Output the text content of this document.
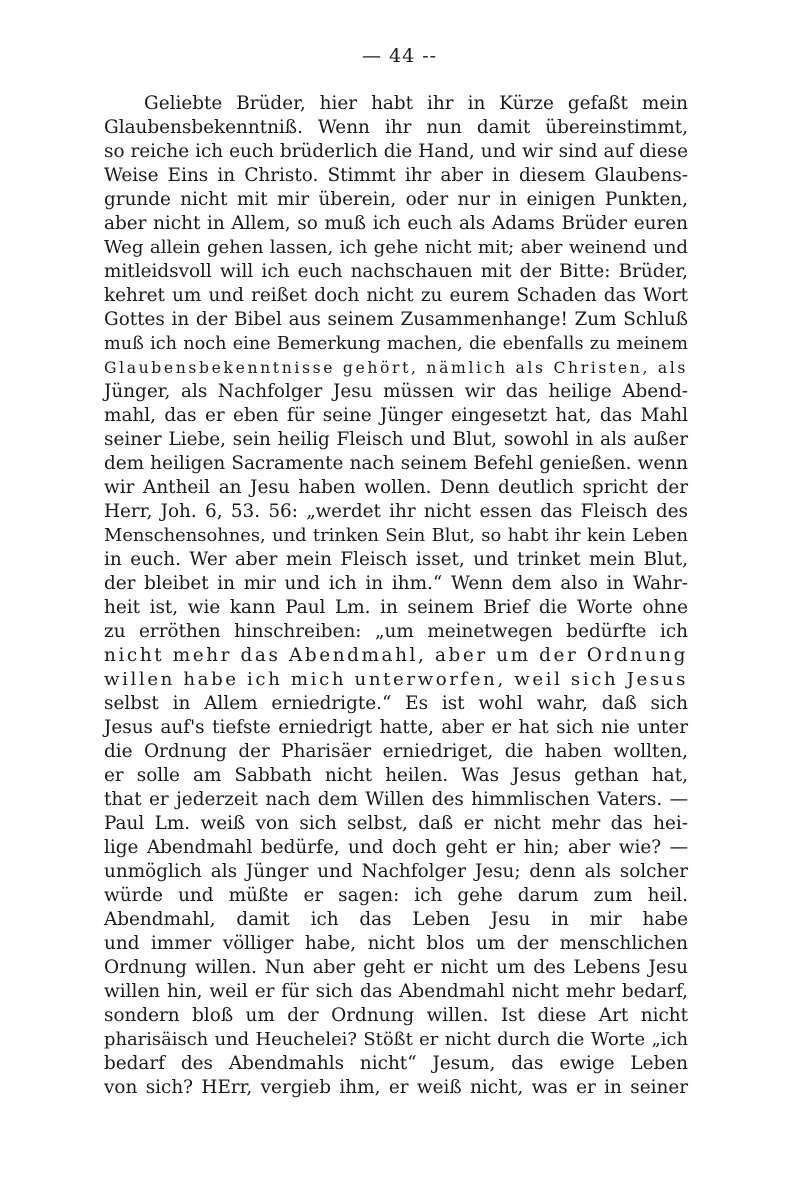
— 44 --
Geliebte Brüder, hier habt ihr in Kürze gefaßt mein
Glaubensbekenntniß. Wenn ihr nun damit übereinstimmt,
so reiche ich euch brüderlich die Hand, und wir sind auf diese
Weise Eins in Christo. Stimmt ihr aber in diesem Glaubens-
grunde nicht mit mir überein, oder nur in einigen Punkten,
aber nicht in Allem, so muß ich euch als Adams Brüder euren
Weg allein gehen lassen, ich gehe nicht mit; aber weinend und
mitleidsvoll will ich euch nachschauen mit der Bitte: Brüder,
kehret um und reißet doch nicht zu eurem Schaden das Wort
Gottes in der Bibel aus seinem Zusammenhange! Zum Schluß
muß ich noch eine Bemerkung machen, die ebenfalls zu meinem
Glaubensbekenntnisse gehört, nämlich als Christen, als
Jünger, als Nachfolger Jesu müssen wir das heilige Abend-
mahl, das er eben für seine Jünger eingesetzt hat, das Mahl
seiner Liebe, sein heilig Fleisch und Blut, sowohl in als außer
dem heiligen Sacramente nach seinem Befehl genießen. wenn
wir Antheil an Jesu haben wollen. Denn deutlich spricht der
Herr, Joh. 6, 53. 56: „werdet ihr nicht essen das Fleisch des
Menschensohnes, und trinken Sein Blut, so habt ihr kein Leben
in euch. Wer aber mein Fleisch isset, und trinket mein Blut,
der bleibet in mir und ich in ihm.“ Wenn dem also in Wahr-
heit ist, wie kann Paul Lm. in seinem Brief die Worte ohne
zu erröthen hinschreiben: „um meinetwegen bedürfte ich
nicht mehr das Abendmahl, aber um der Ordnung
willen habe ich mich unterworfen, weil sich Jesus
selbst in Allem erniedrigte.“ Es ist wohl wahr, daß sich
Jesus auf's tiefste erniedrigt hatte, aber er hat sich nie unter
die Ordnung der Pharisäer erniedriget, die haben wollten,
er solle am Sabbath nicht heilen. Was Jesus gethan hat,
that er jederzeit nach dem Willen des himmlischen Vaters. —
Paul Lm. weiß von sich selbst, daß er nicht mehr das hei-
lige Abendmahl bedürfe, und doch geht er hin; aber wie? —
unmöglich als Jünger und Nachfolger Jesu; denn als solcher
würde und müßte er sagen: ich gehe darum zum heil.
Abendmahl, damit ich das Leben Jesu in mir habe
und immer völliger habe, nicht blos um der menschlichen
Ordnung willen. Nun aber geht er nicht um des Lebens Jesu
willen hin, weil er für sich das Abendmahl nicht mehr bedarf,
sondern bloß um der Ordnung willen. Ist diese Art nicht
pharisäisch und Heuchelei? Stößt er nicht durch die Worte „ich
bedarf des Abendmahls nicht“ Jesum, das ewige Leben
von sich? HErr, vergieb ihm, er weiß nicht, was er in seiner
